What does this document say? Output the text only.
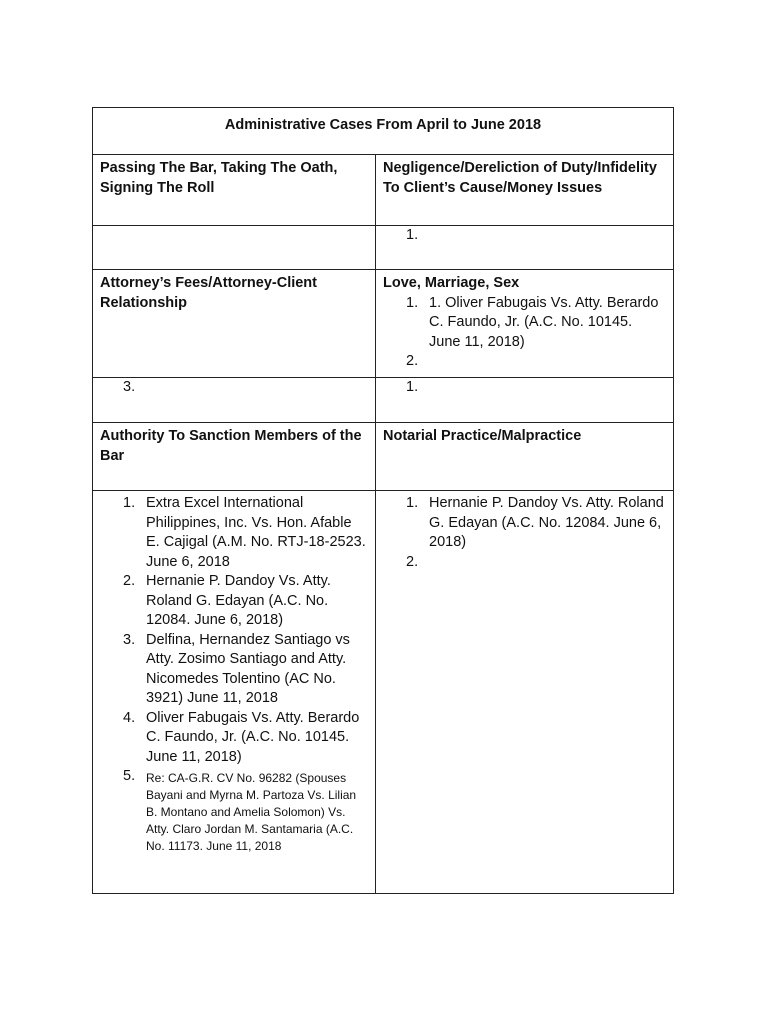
Administrative Cases From April to June 2018
Passing The Bar, Taking The Oath, Signing The Roll
Negligence/Dereliction of Duty/Infidelity To Client’s Cause/Money Issues
1.
Attorney’s Fees/Attorney-Client Relationship
Love, Marriage, Sex
1. 1. Oliver Fabugais Vs. Atty. Berardo C. Faundo, Jr. (A.C. No. 10145. June 11, 2018)
2.
3.	1.
Authority To Sanction Members of the Bar
Notarial Practice/Malpractice
1. Extra Excel International Philippines, Inc. Vs. Hon. Afable E. Cajigal (A.M. No. RTJ-18-2523. June 6, 2018
2. Hernanie P. Dandoy Vs. Atty. Roland G. Edayan (A.C. No. 12084. June 6, 2018)
3. Delfina, Hernandez Santiago vs Atty. Zosimo Santiago and Atty. Nicomedes Tolentino (AC No. 3921) June 11, 2018
4. Oliver Fabugais Vs. Atty. Berardo C. Faundo, Jr. (A.C. No. 10145. June 11, 2018)
5. Re: CA-G.R. CV No. 96282 (Spouses Bayani and Myrna M. Partoza Vs. Lilian B. Montano and Amelia Solomon) Vs. Atty. Claro Jordan M. Santamaria (A.C. No. 11173. June 11, 2018
1. Hernanie P. Dandoy Vs. Atty. Roland G. Edayan (A.C. No. 12084. June 6, 2018)
2.
